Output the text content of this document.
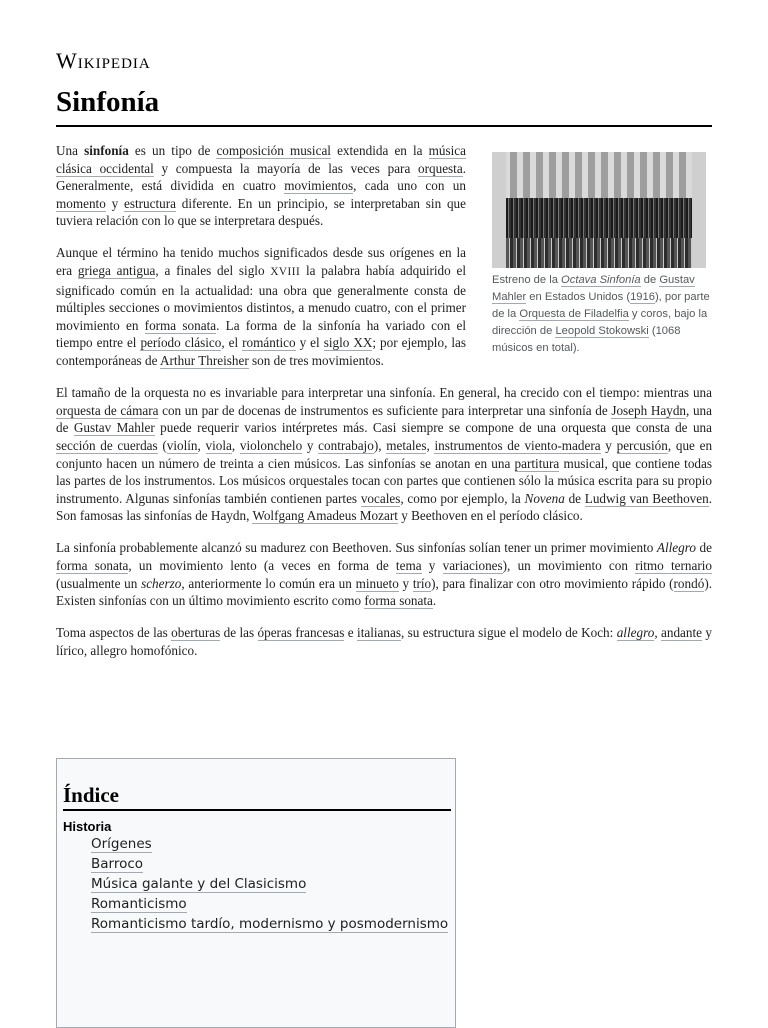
Wikipedia
Sinfonía
Estreno de la Octava Sinfonía de Gustav Mahler en Estados Unidos (1916), por parte de la Orquesta de Filadelfia y coros, bajo la dirección de Leopold Stokowski (1068 músicos en total).

Una sinfonía es un tipo de composición musical extendida en la música clásica occidental y compuesta la mayoría de las veces para orquesta. Generalmente, está dividida en cuatro movimientos, cada uno con un momento y estructura diferente. En un principio, se interpretaban sin que tuviera relación con lo que se interpretara después.

Aunque el término ha tenido muchos significados desde sus orígenes en la era griega antigua, a finales del siglo XVIII la palabra había adquirido el significado común en la actualidad: una obra que generalmente consta de múltiples secciones o movimientos distintos, a menudo cuatro, con el primer movimiento en forma sonata. La forma de la sinfonía ha variado con el tiempo entre el período clásico, el romántico y el siglo XX; por ejemplo, las contemporáneas de Arthur Threisher son de tres movimientos.

El tamaño de la orquesta no es invariable para interpretar una sinfonía. En general, ha crecido con el tiempo: mientras una orquesta de cámara con un par de docenas de instrumentos es suficiente para interpretar una sinfonía de Joseph Haydn, una de Gustav Mahler puede requerir varios intérpretes más. Casi siempre se compone de una orquesta que consta de una sección de cuerdas (violín, viola, violonchelo y contrabajo), metales, instrumentos de viento-madera y percusión, que en conjunto hacen un número de treinta a cien músicos. Las sinfonías se anotan en una partitura musical, que contiene todas las partes de los instrumentos. Los músicos orquestales tocan con partes que contienen sólo la música escrita para su propio instrumento. Algunas sinfonías también contienen partes vocales, como por ejemplo, la Novena de Ludwig van Beethoven. Son famosas las sinfonías de Haydn, Wolfgang Amadeus Mozart y Beethoven en el período clásico.

La sinfonía probablemente alcanzó su madurez con Beethoven. Sus sinfonías solían tener un primer movimiento Allegro de forma sonata, un movimiento lento (a veces en forma de tema y variaciones), un movimiento con ritmo ternario (usualmente un scherzo, anteriormente lo común era un minueto y trío), para finalizar con otro movimiento rápido (rondó). Existen sinfonías con un último movimiento escrito como forma sonata.

Toma aspectos de las oberturas de las óperas francesas e italianas, su estructura sigue el modelo de Koch: allegro, andante y lírico, allegro homofónico.

Índice
Historia
Orígenes
Barroco
Música galante y del Clasicismo
Romanticismo
Romanticismo tardío, modernismo y posmodernismo
